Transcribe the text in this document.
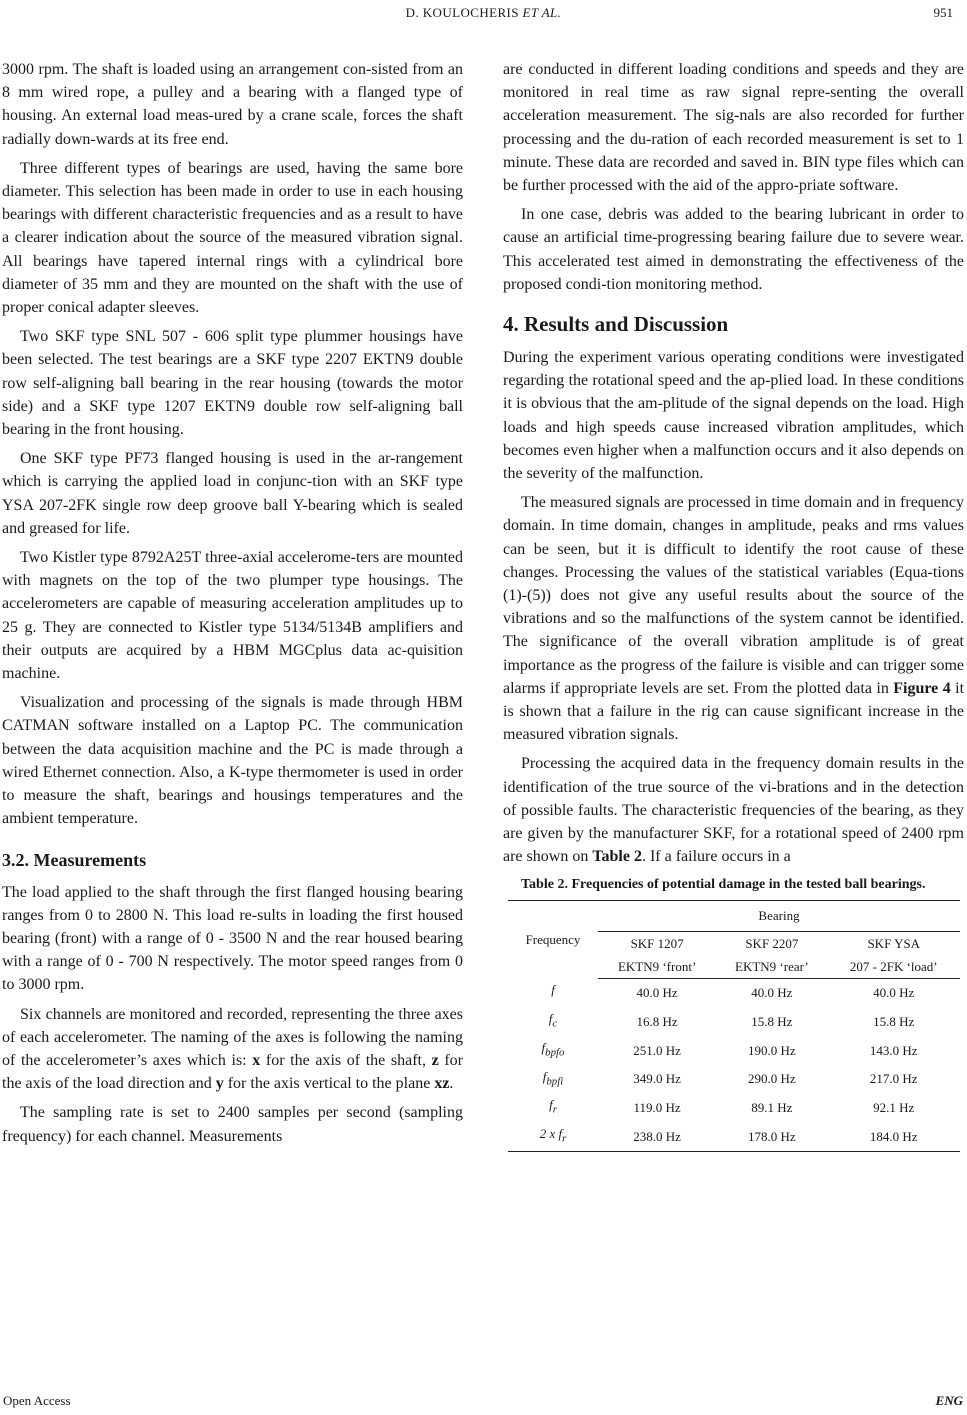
D. KOULOCHERIS ET AL.	951

3000 rpm. The shaft is loaded using an arrangement con-sisted from an 8 mm wired rope, a pulley and a bearing with a flanged type of housing. An external load meas-ured by a crane scale, forces the shaft radially down-wards at its free end.

Three different types of bearings are used, having the same bore diameter. This selection has been made in order to use in each housing bearings with different characteristic frequencies and as a result to have a clearer indication about the source of the measured vibration signal. All bearings have tapered internal rings with a cylindrical bore diameter of 35 mm and they are mounted on the shaft with the use of proper conical adapter sleeves.

Two SKF type SNL 507 - 606 split type plummer housings have been selected. The test bearings are a SKF type 2207 EKTN9 double row self-aligning ball bearing in the rear housing (towards the motor side) and a SKF type 1207 EKTN9 double row self-aligning ball bearing in the front housing.

One SKF type PF73 flanged housing is used in the ar-rangement which is carrying the applied load in conjunc-tion with an SKF type YSA 207-2FK single row deep groove ball Y-bearing which is sealed and greased for life.

Two Kistler type 8792A25T three-axial accelerome-ters are mounted with magnets on the top of the two plumper type housings. The accelerometers are capable of measuring acceleration amplitudes up to 25 g. They are connected to Kistler type 5134/5134B amplifiers and their outputs are acquired by a HBM MGCplus data ac-quisition machine.

Visualization and processing of the signals is made through HBM CATMAN software installed on a Laptop PC. The communication between the data acquisition machine and the PC is made through a wired Ethernet connection. Also, a K-type thermometer is used in order to measure the shaft, bearings and housings temperatures and the ambient temperature.

3.2. Measurements

The load applied to the shaft through the first flanged housing bearing ranges from 0 to 2800 N. This load re-sults in loading the first housed bearing (front) with a range of 0 - 3500 N and the rear housed bearing with a range of 0 - 700 N respectively. The motor speed ranges from 0 to 3000 rpm.

Six channels are monitored and recorded, representing the three axes of each accelerometer. The naming of the axes is following the naming of the accelerometer’s axes which is: x for the axis of the shaft, z for the axis of the load direction and y for the axis vertical to the plane xz.

The sampling rate is set to 2400 samples per second (sampling frequency) for each channel. Measurements

are conducted in different loading conditions and speeds and they are monitored in real time as raw signal repre-senting the overall acceleration measurement. The sig-nals are also recorded for further processing and the du-ration of each recorded measurement is set to 1 minute. These data are recorded and saved in. BIN type files which can be further processed with the aid of the appro-priate software.

In one case, debris was added to the bearing lubricant in order to cause an artificial time-progressing bearing failure due to severe wear. This accelerated test aimed in demonstrating the effectiveness of the proposed condi-tion monitoring method.

4. Results and Discussion

During the experiment various operating conditions were investigated regarding the rotational speed and the ap-plied load. In these conditions it is obvious that the am-plitude of the signal depends on the load. High loads and high speeds cause increased vibration amplitudes, which becomes even higher when a malfunction occurs and it also depends on the severity of the malfunction.

The measured signals are processed in time domain and in frequency domain. In time domain, changes in amplitude, peaks and rms values can be seen, but it is difficult to identify the root cause of these changes. Processing the values of the statistical variables (Equa-tions (1)-(5)) does not give any useful results about the source of the vibrations and so the malfunctions of the system cannot be identified. The significance of the overall vibration amplitude is of great importance as the progress of the failure is visible and can trigger some alarms if appropriate levels are set. From the plotted data in Figure 4 it is shown that a failure in the rig can cause significant increase in the measured vibration signals.

Processing the acquired data in the frequency domain results in the identification of the true source of the vi-brations and in the detection of possible faults. The characteristic frequencies of the bearing, as they are given by the manufacturer SKF, for a rotational speed of 2400 rpm are shown on Table 2. If a failure occurs in a

Table 2. Frequencies of potential damage in the tested ball bearings.

Frequency	Bearing		
	SKF 1207	SKF 2207	SKF YSA
	EKTN9 ‘front’	EKTN9 ‘rear’	207 - 2FK ‘load’
f	40.0 Hz	40.0 Hz	40.0 Hz
$f_c$	16.8 Hz	15.8 Hz	15.8 Hz
$f_{bpfo}$	251.0 Hz	190.0 Hz	143.0 Hz
$f_{bpfi}$	349.0 Hz	290.0 Hz	217.0 Hz
$f_r$	119.0 Hz	89.1 Hz	92.1 Hz
2 x $f_r$	238.0 Hz	178.0 Hz	184.0 Hz
Open Access	ENG
